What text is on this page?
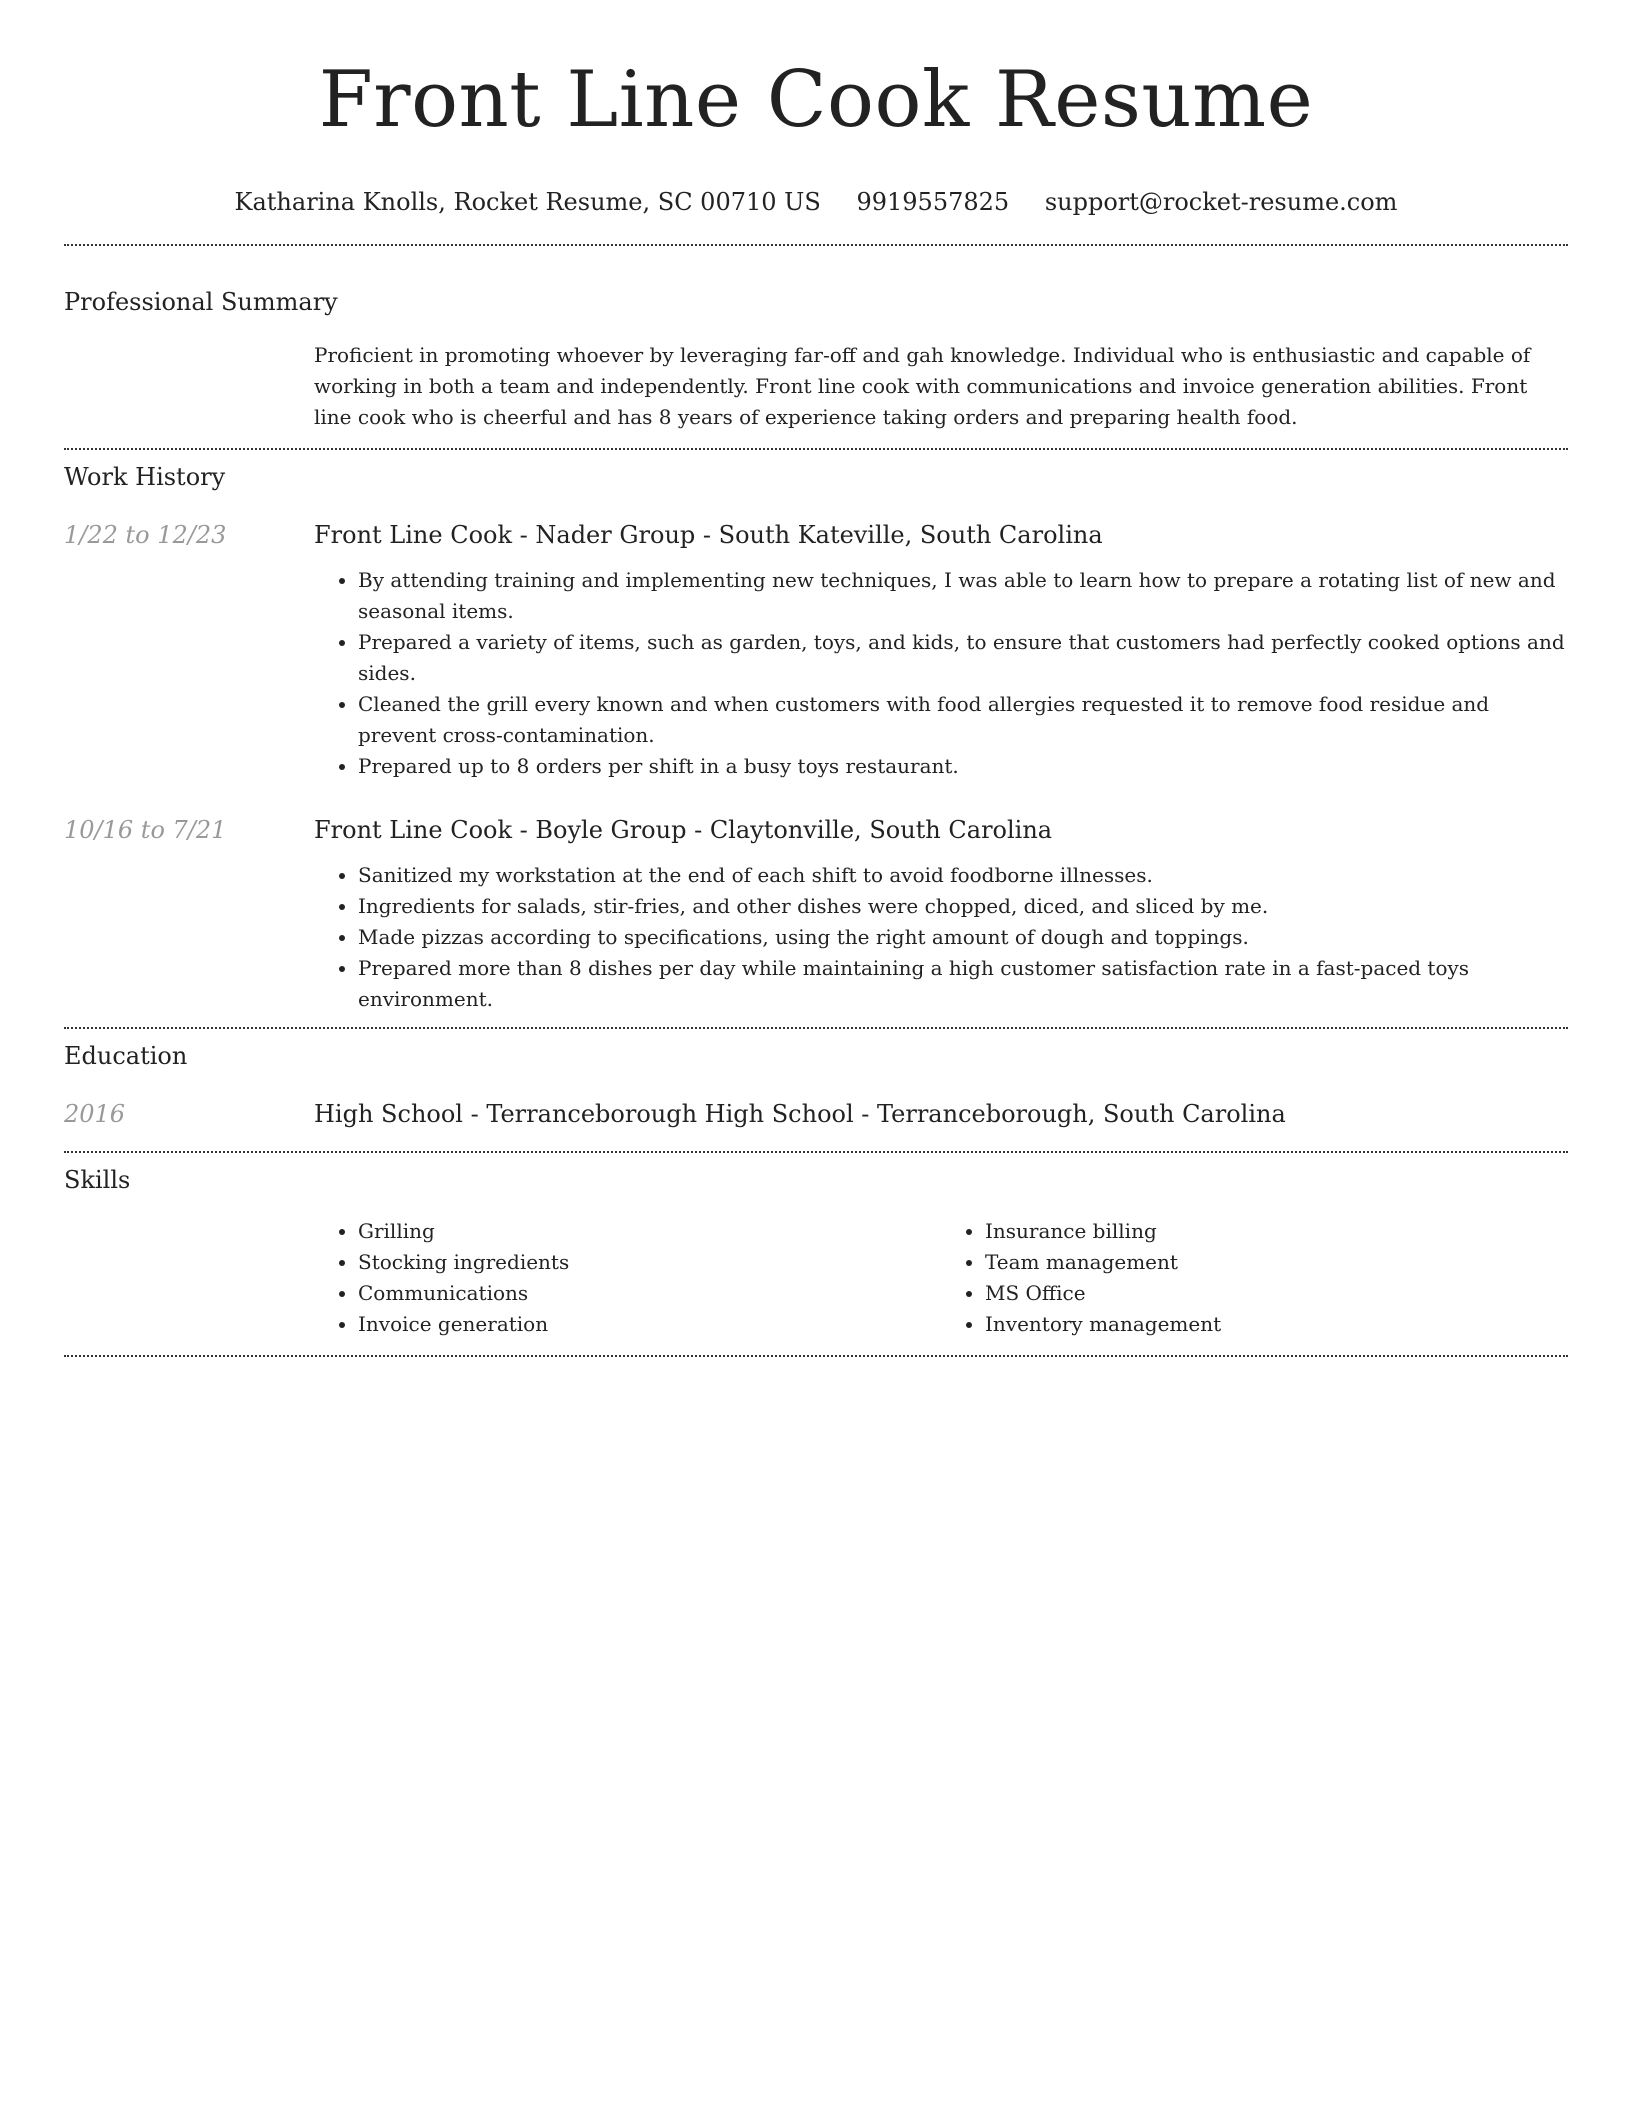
Front Line Cook Resume
Katharina Knolls, Rocket Resume, SC 00710 US 9919557825 support@rocket-resume.com
Professional Summary

Proficient in promoting whoever by leveraging far-off and gah knowledge. Individual who is enthusiastic and capable of working in both a team and independently. Front line cook with communications and invoice generation abilities. Front line cook who is cheerful and has 8 years of experience taking orders and preparing health food.

Work History
1/22 to 12/23	Front Line Cook - Nader Group - South Kateville, South Carolina
• By attending training and implementing new techniques, I was able to learn how to prepare a rotating list of new and seasonal items.
• Prepared a variety of items, such as garden, toys, and kids, to ensure that customers had perfectly cooked options and sides.
• Cleaned the grill every known and when customers with food allergies requested it to remove food residue and prevent cross-contamination.
• Prepared up to 8 orders per shift in a busy toys restaurant.
10/16 to 7/21	Front Line Cook - Boyle Group - Claytonville, South Carolina
• Sanitized my workstation at the end of each shift to avoid foodborne illnesses.
• Ingredients for salads, stir-fries, and other dishes were chopped, diced, and sliced by me.
• Made pizzas according to specifications, using the right amount of dough and toppings.
• Prepared more than 8 dishes per day while maintaining a high customer satisfaction rate in a fast-paced toys environment.
Education
2016	High School - Terranceborough High School - Terranceborough, South Carolina
Skills
• Grilling
• Stocking ingredients
• Communications
• Invoice generation
• Insurance billing
• Team management
• MS Office
• Inventory management
